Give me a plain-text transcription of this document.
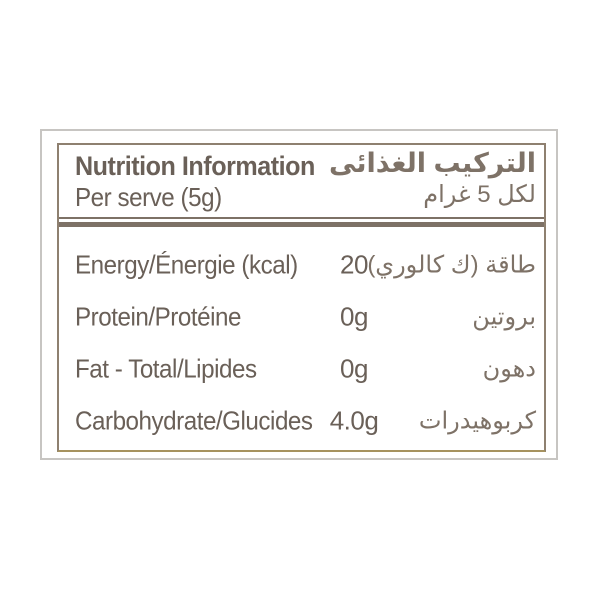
Nutrition Information
Per serve (5g)
التركيب الغذائى
لكل 5 غرام
Energy/Énergie (kcal)	20 طاقة (ك كالوري)
Protein/Protéine	0g	بروتين
Fat - Total/Lipides	0g	دهون
Carbohydrate/Glucides 4.0g	كربوهيدرات
